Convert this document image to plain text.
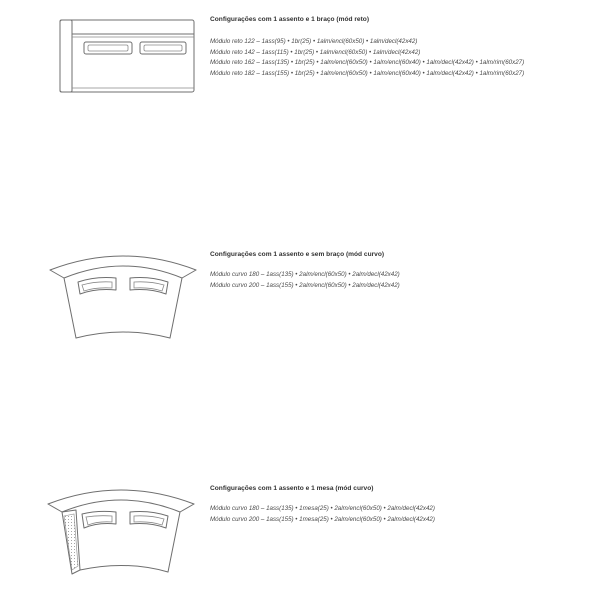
Configurações com 1 assento e 1 braço (mód reto)
Módulo reto 122 – 1ass(95) • 1br(25) • 1alm/encl(60x50) • 1alm/decl(42x42)
Módulo reto 142 – 1ass(115) • 1br(25) • 1alm/encl(60x50) • 1alm/decl(42x42)
Módulo reto 162 – 1ass(135) • 1br(25) • 1alm/encl(60x50) • 1alm/encl(60x40) • 1alm/decl(42x42) • 1alm/rim(60x27)
Módulo reto 182 – 1ass(155) • 1br(25) • 1alm/encl(60x50) • 1alm/encl(60x40) • 1alm/decl(42x42) • 1alm/rim(60x27)
Configurações com 1 assento e sem braço (mód curvo)
Módulo curvo 180 – 1ass(135) • 2alm/encl(60x50) • 2alm/decl(42x42)
Módulo curvo 200 – 1ass(155) • 2alm/encl(60x50) • 2alm/decl(42x42)
Configurações com 1 assento e 1 mesa (mód curvo)
Módulo curvo 180 – 1ass(135) • 1mesa(25) • 2alm/encl(60x50) • 2alm/decl(42x42)
Módulo curvo 200 – 1ass(155) • 1mesa(25) • 2alm/encl(60x50) • 2alm/decl(42x42)
